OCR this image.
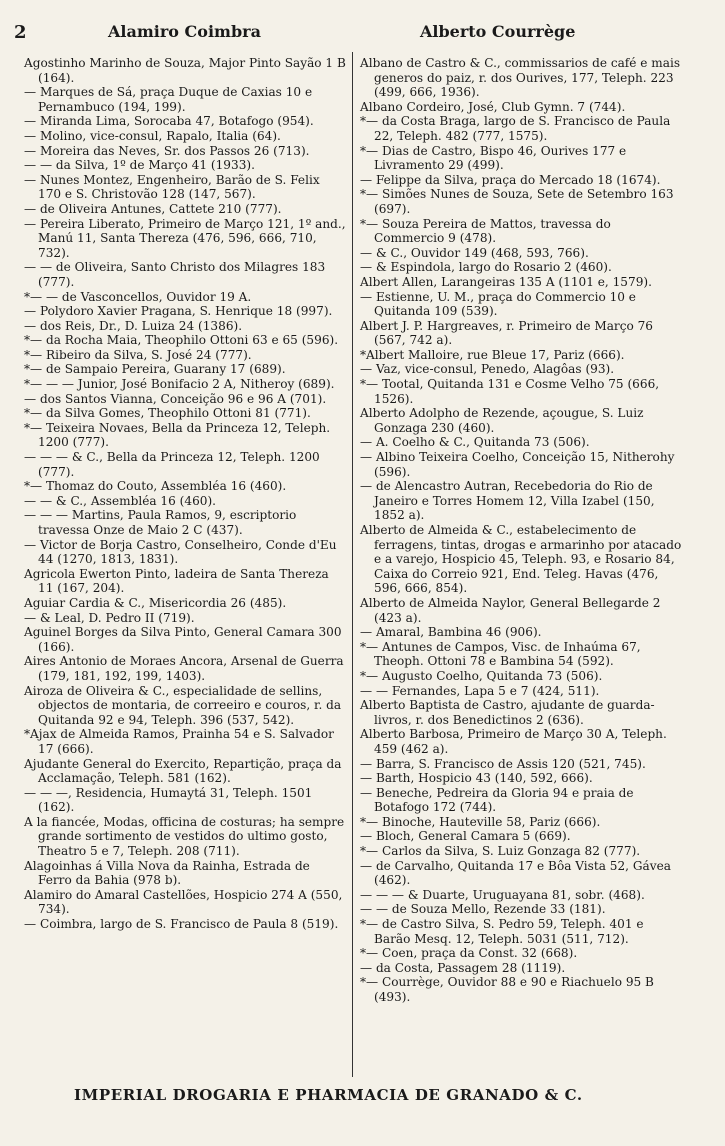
2	Alamiro Coimbra	Alberto Courrège

Agostinho Marinho de Souza, Major Pinto Sayão 1 B (164).

— Marques de Sá, praça Duque de Caxias 10 e Pernambuco (194, 199).

— Miranda Lima, Sorocaba 47, Botafogo (954).

— Molino, vice-consul, Rapalo, Italia (64).

— Moreira das Neves, Sr. dos Passos 26 (713).

— — da Silva, 1º de Março 41 (1933).

— Nunes Montez, Engenheiro, Barão de S. Felix 170 e S. Christovão 128 (147, 567).

— de Oliveira Antunes, Cattete 210 (777).

— Pereira Liberato, Primeiro de Março 121, 1º and., Manú 11, Santa Thereza (476, 596, 666, 710, 732).

— — de Oliveira, Santo Christo dos Milagres 183 (777).

*— — de Vasconcellos, Ouvidor 19 A.

— Polydoro Xavier Pragana, S. Henrique 18 (997).

— dos Reis, Dr., D. Luiza 24 (1386).

*— da Rocha Maia, Theophilo Ottoni 63 e 65 (596).

*— Ribeiro da Silva, S. José 24 (777).

*— de Sampaio Pereira, Guarany 17 (689).

*— — — Junior, José Bonifacio 2 A, Nitheroy (689).

— dos Santos Vianna, Conceição 96 e 96 A (701).

*— da Silva Gomes, Theophilo Ottoni 81 (771).

*— Teixeira Novaes, Bella da Princeza 12, Teleph. 1200 (777).

— — — & C., Bella da Princeza 12, Teleph. 1200 (777).

*— Thomaz do Couto, Assembléa 16 (460).

— — & C., Assembléa 16 (460).

— — — Martins, Paula Ramos, 9, escriptorio travessa Onze de Maio 2 C (437).

— Victor de Borja Castro, Conselheiro, Conde d'Eu 44 (1270, 1813, 1831).

Agricola Ewerton Pinto, ladeira de Santa Thereza 11 (167, 204).

Aguiar Cardia & C., Misericordia 26 (485).

— & Leal, D. Pedro II (719).

Aguinel Borges da Silva Pinto, General Camara 300 (166).

Aires Antonio de Moraes Ancora, Arsenal de Guerra (179, 181, 192, 199, 1403).

Airoza de Oliveira & C., especialidade de sellins, objectos de montaria, de correeiro e couros, r. da Quitanda 92 e 94, Teleph. 396 (537, 542).

*Ajax de Almeida Ramos, Prainha 54 e S. Salvador 17 (666).

Ajudante General do Exercito, Repartição, praça da Acclamação, Teleph. 581 (162).

— — —, Residencia, Humaytá 31, Teleph. 1501 (162).

A la fiancée, Modas, officina de costuras; ha sempre grande sortimento de vestidos do ultimo gosto, Theatro 5 e 7, Teleph. 208 (711).

Alagoinhas á Villa Nova da Rainha, Estrada de Ferro da Bahia (978 b).

Alamiro do Amaral Castellões, Hospicio 274 A (550, 734).

— Coimbra, largo de S. Francisco de Paula 8 (519).

Albano de Castro & C., commissarios de café e mais generos do paiz, r. dos Ourives, 177, Teleph. 223 (499, 666, 1936).

Albano Cordeiro, José, Club Gymn. 7 (744).

*— da Costa Braga, largo de S. Francisco de Paula 22, Teleph. 482 (777, 1575).

*— Dias de Castro, Bispo 46, Ourives 177 e Livramento 29 (499).

— Felippe da Silva, praça do Mercado 18 (1674).

*— Simões Nunes de Souza, Sete de Setembro 163 (697).

*— Souza Pereira de Mattos, travessa do Commercio 9 (478).

— & C., Ouvidor 149 (468, 593, 766).

— & Espindola, largo do Rosario 2 (460).

Albert Allen, Larangeiras 135 A (1101 e, 1579).

— Estienne, U. M., praça do Commercio 10 e Quitanda 109 (539).

Albert J. P. Hargreaves, r. Primeiro de Março 76 (567, 742 a).

*Albert Malloire, rue Bleue 17, Pariz (666).

— Vaz, vice-consul, Penedo, Alagôas (93).

*— Tootal, Quitanda 131 e Cosme Velho 75 (666, 1526).

Alberto Adolpho de Rezende, açougue, S. Luiz Gonzaga 230 (460).

— A. Coelho & C., Quitanda 73 (506).

— Albino Teixeira Coelho, Conceição 15, Nitherohy (596).

— de Alencastro Autran, Recebedoria do Rio de Janeiro e Torres Homem 12, Villa Izabel (150, 1852 a).

Alberto de Almeida & C., estabelecimento de ferragens, tintas, drogas e armarinho por atacado e a varejo, Hospicio 45, Teleph. 93, e Rosario 84, Caixa do Correio 921, End. Teleg. Havas (476, 596, 666, 854).

Alberto de Almeida Naylor, General Bellegarde 2 (423 a).

— Amaral, Bambina 46 (906).

*— Antunes de Campos, Visc. de Inhaúma 67, Theoph. Ottoni 78 e Bambina 54 (592).

*— Augusto Coelho, Quitanda 73 (506).

— — Fernandes, Lapa 5 e 7 (424, 511).

Alberto Baptista de Castro, ajudante de guarda-livros, r. dos Benedictinos 2 (636).

Alberto Barbosa, Primeiro de Março 30 A, Teleph. 459 (462 a).

— Barra, S. Francisco de Assis 120 (521, 745).

— Barth, Hospicio 43 (140, 592, 666).

— Beneche, Pedreira da Gloria 94 e praia de Botafogo 172 (744).

*— Binoche, Hauteville 58, Pariz (666).

— Bloch, General Camara 5 (669).

*— Carlos da Silva, S. Luiz Gonzaga 82 (777).

— de Carvalho, Quitanda 17 e Bôa Vista 52, Gávea (462).

— — — & Duarte, Uruguayana 81, sobr. (468).

— — de Souza Mello, Rezende 33 (181).

*— de Castro Silva, S. Pedro 59, Teleph. 401 e Barão Mesq. 12, Teleph. 5031 (511, 712).

*— Coen, praça da Const. 32 (668).

— da Costa, Passagem 28 (1119).

*— Courrège, Ouvidor 88 e 90 e Riachuelo 95 B (493).

IMPERIAL DROGARIA E PHARMACIA DE GRANADO & C.
